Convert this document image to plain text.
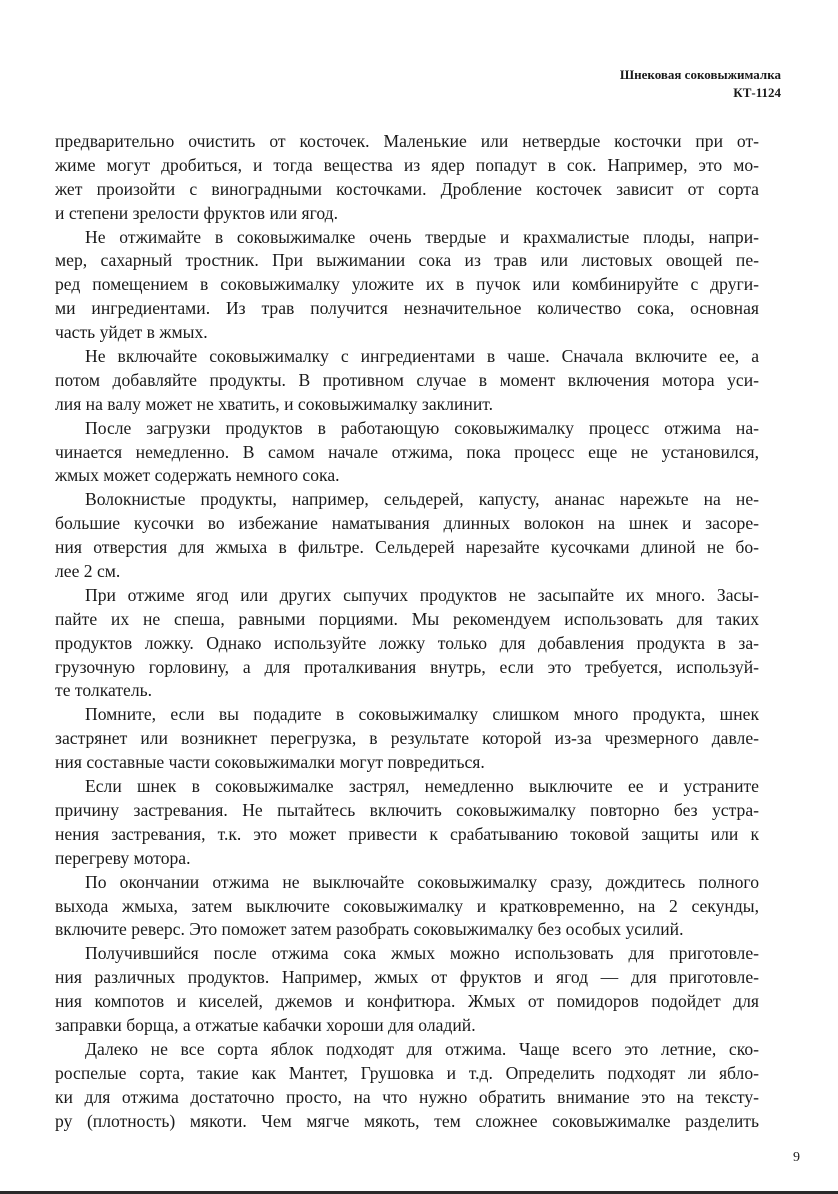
Шнековая соковыжималка
КТ-1124
предварительно очистить от косточек. Маленькие или нетвердые косточки при от-
жиме могут дробиться, и тогда вещества из ядер попадут в сок. Например, это мо-
жет произойти с виноградными косточками. Дробление косточек зависит от сорта
и степени зрелости фруктов или ягод.
Не отжимайте в соковыжималке очень твердые и крахмалистые плоды, напри-
мер, сахарный тростник. При выжимании сока из трав или листовых овощей пе-
ред помещением в соковыжималку уложите их в пучок или комбинируйте с други-
ми ингредиентами. Из трав получится незначительное количество сока, основная
часть уйдет в жмых.
Не включайте соковыжималку с ингредиентами в чаше. Сначала включите ее, а
потом добавляйте продукты. В противном случае в момент включения мотора уси-
лия на валу может не хватить, и соковыжималку заклинит.
После загрузки продуктов в работающую соковыжималку процесс отжима на-
чинается немедленно. В самом начале отжима, пока процесс еще не установился,
жмых может содержать немного сока.
Волокнистые продукты, например, сельдерей, капусту, ананас нарежьте на не-
большие кусочки во избежание наматывания длинных волокон на шнек и засоре-
ния отверстия для жмыха в фильтре. Сельдерей нарезайте кусочками длиной не бо-
лее 2 см.
При отжиме ягод или других сыпучих продуктов не засыпайте их много. Засы-
пайте их не спеша, равными порциями. Мы рекомендуем использовать для таких
продуктов ложку. Однако используйте ложку только для добавления продукта в за-
грузочную горловину, а для проталкивания внутрь, если это требуется, используй-
те толкатель.
Помните, если вы подадите в соковыжималку слишком много продукта, шнек
застрянет или возникнет перегрузка, в результате которой из-за чрезмерного давле-
ния составные части соковыжималки могут повредиться.
Если шнек в соковыжималке застрял, немедленно выключите ее и устраните
причину застревания. Не пытайтесь включить соковыжималку повторно без устра-
нения застревания, т.к. это может привести к срабатыванию токовой защиты или к
перегреву мотора.
По окончании отжима не выключайте соковыжималку сразу, дождитесь полного
выхода жмыха, затем выключите соковыжималку и кратковременно, на 2 секунды,
включите реверс. Это поможет затем разобрать соковыжималку без особых усилий.
Получившийся после отжима сока жмых можно использовать для приготовле-
ния различных продуктов. Например, жмых от фруктов и ягод — для приготовле-
ния компотов и киселей, джемов и конфитюра. Жмых от помидоров подойдет для
заправки борща, а отжатые кабачки хороши для оладий.
Далеко не все сорта яблок подходят для отжима. Чаще всего это летние, ско-
роспелые сорта, такие как Мантет, Грушовка и т.д. Определить подходят ли ябло-
ки для отжима достаточно просто, на что нужно обратить внимание это на тексту-
ру (плотность) мякоти. Чем мягче мякоть, тем сложнее соковыжималке разделить
9
